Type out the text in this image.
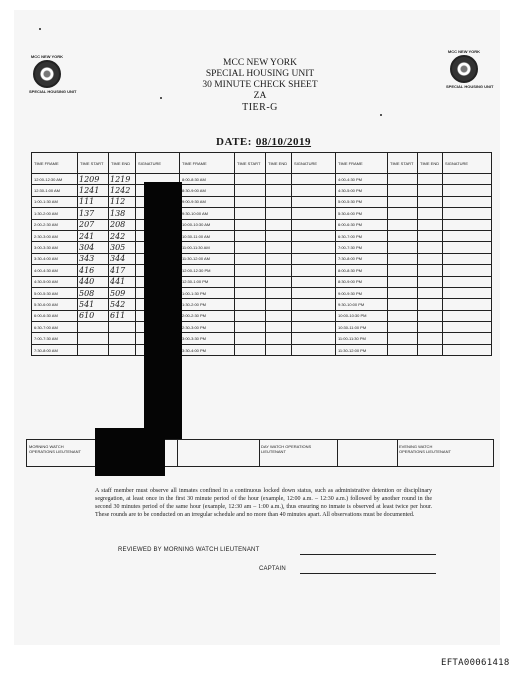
MCC NEW YORK
SPECIAL HOUSING UNIT
MCC NEW YORK
SPECIAL HOUSING UNIT
MCC NEW YORK
SPECIAL HOUSING UNIT
30 MINUTE CHECK SHEET
ZA
TIER-G
DATE: 08/10/2019
TIME FRAME	TIME START	TIME END	SIGNATURE	TIME FRAME	TIME START	TIME END	SIGNATURE	TIME FRAME	TIME START	TIME END	SIGNATURE
12:00-12:30 AM	1209	1219		8:00-8:30 AM				4:00-4:30 PM			
12:30-1:00 AM	1241	1242		8:30-9:00 AM				4:30-5:00 PM			
1:00-1:30 AM	111	112		9:00-9:30 AM				5:00-5:30 PM			
1:30-2:00 AM	137	138		9:30-10:00 AM				5:30-6:00 PM			
2:00-2:30 AM	207	208		10:00-10:30 AM				6:00-6:30 PM			
2:30-3:00 AM	241	242		10:30-11:00 AM				6:30-7:00 PM			
3:00-3:30 AM	304	305		11:00-11:30 AM				7:00-7:30 PM			
3:30-4:00 AM	343	344		11:30-12:00 AM				7:30-8:00 PM			
4:00-4:30 AM	416	417		12:00-12:30 PM				8:00-8:30 PM			
4:30-5:00 AM	440	441		12:30-1:00 PM				8:30-9:00 PM			
5:00-5:30 AM	508	509		1:00-1:30 PM				9:00-9:30 PM			
5:30-6:00 AM	541	542		1:30-2:00 PM				9:30-10:00 PM			
6:00-6:30 AM	610	611		2:00-2:30 PM				10:00-10:30 PM			
6:30-7:00 AM				2:30-3:00 PM				10:30-11:00 PM			
7:00-7:30 AM				3:00-3:30 PM				11:00-11:30 PM			
7:30-8:00 AM				3:30-4:00 PM				11:30-12:00 PM			
MORNING WATCH OPERATIONS LIEUTENANT
DAY WATCH OPERATIONS LIEUTENANT
EVENING WATCH OPERATIONS LIEUTENANT
A staff member must observe all inmates confined in a continuous locked down status, such as administrative detention or disciplinary segregation, at least once in the first 30 minute period of the hour (example, 12:00 a.m. – 12:30 a.m.) followed by another round in the second 30 minutes period of the same hour (example, 12:30 am – 1:00 a.m.), thus ensuring no inmate is observed at least twice per hour. These rounds are to be conducted on an irregular schedule and no more than 40 minutes apart. All observations must be documented.
REVIEWED BY MORNING WATCH LIEUTENANT
CAPTAIN
EFTA00061418
